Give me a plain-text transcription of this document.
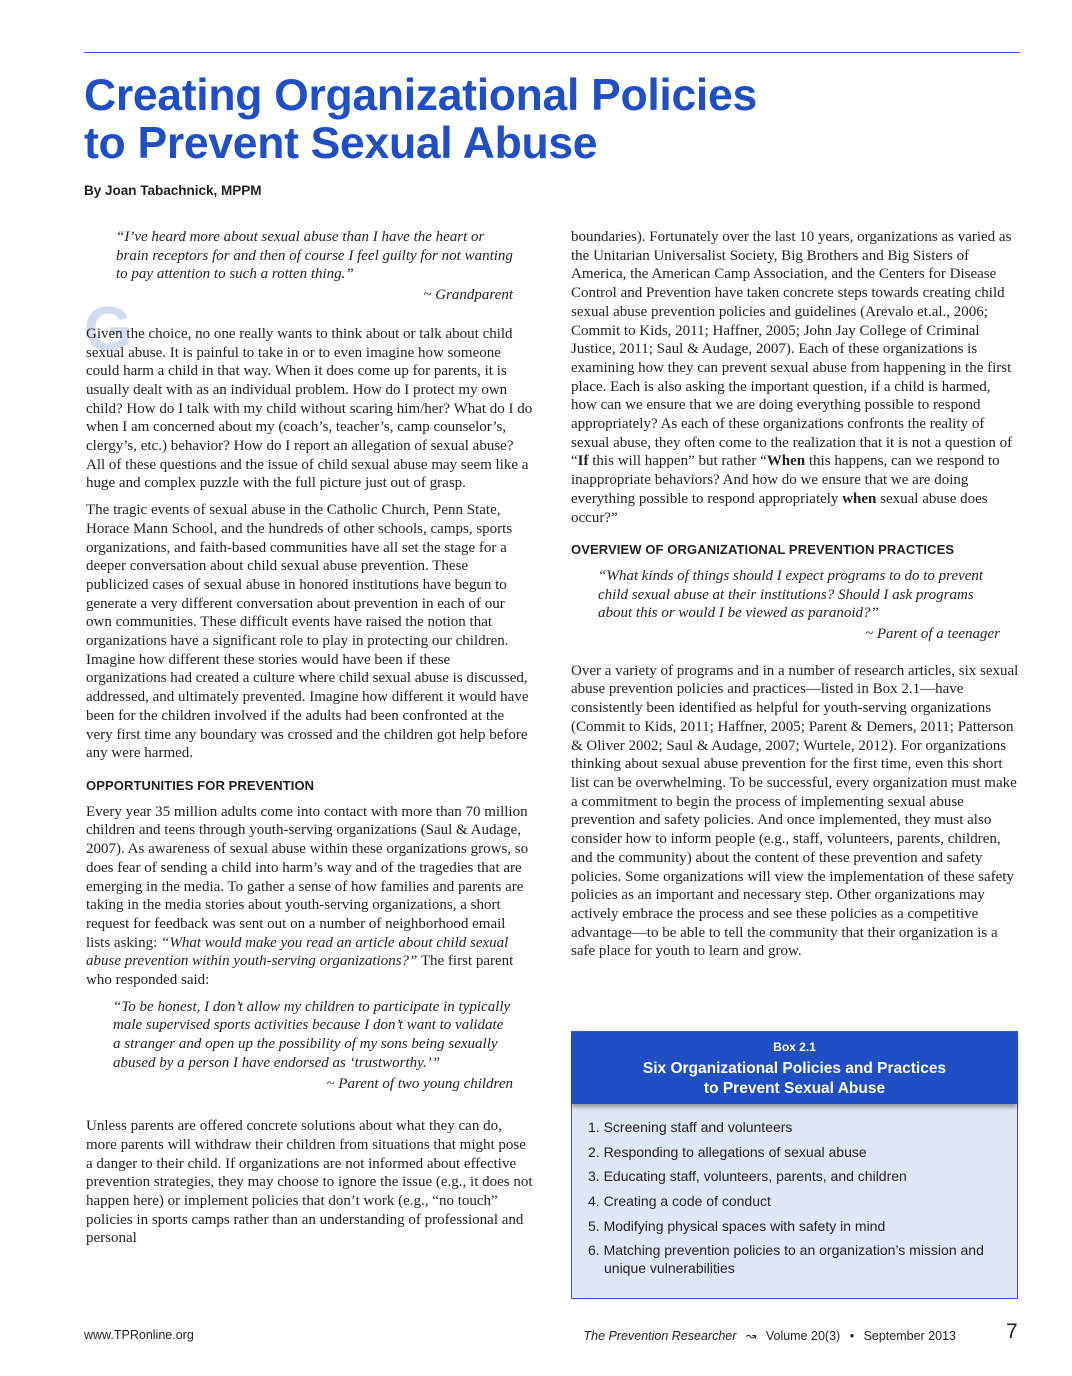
Creating Organizational Policies
to Prevent Sexual Abuse
By Joan Tabachnick, MPPM

“I’ve heard more about sexual abuse than I have the heart or brain receptors for and then of course I feel guilty for not wanting to pay attention to such a rotten thing.”

~ Grandparent

G

Given the choice, no one really wants to think about or talk about child sexual abuse. It is painful to take in or to even imagine how someone could harm a child in that way. When it does come up for parents, it is usually dealt with as an individual problem. How do I protect my own child? How do I talk with my child without scaring him/her? What do I do when I am concerned about my (coach’s, teacher’s, camp counselor’s, clergy’s, etc.) behavior? How do I report an allegation of sexual abuse? All of these questions and the issue of child sexual abuse may seem like a huge and complex puzzle with the full picture just out of grasp.

The tragic events of sexual abuse in the Catholic Church, Penn State, Horace Mann School, and the hundreds of other schools, camps, sports organizations, and faith-based communities have all set the stage for a deeper conversation about child sexual abuse prevention. These publicized cases of sexual abuse in honored institutions have begun to generate a very different conversation about prevention in each of our own communities. These difficult events have raised the notion that organizations have a significant role to play in protecting our children. Imagine how different these stories would have been if these organizations had created a culture where child sexual abuse is discussed, addressed, and ultimately prevented. Imagine how different it would have been for the children involved if the adults had been confronted at the very first time any boundary was crossed and the children got help before any were harmed.

OPPORTUNITIES FOR PREVENTION

Every year 35 million adults come into contact with more than 70 million children and teens through youth-serving organizations (Saul & Audage, 2007). As awareness of sexual abuse within these organizations grows, so does fear of sending a child into harm’s way and of the tragedies that are emerging in the media. To gather a sense of how families and parents are taking in the media stories about youth-serving organizations, a short request for feedback was sent out on a number of neighborhood email lists asking: “What would make you read an article about child sexual abuse prevention within youth-serving organizations?” The first parent who responded said:

“To be honest, I don’t allow my children to participate in typically male supervised sports activities because I don’t want to validate a stranger and open up the possibility of my sons being sexually abused by a person I have endorsed as ‘trustworthy.’”

~ Parent of two young children

Unless parents are offered concrete solutions about what they can do, more parents will withdraw their children from situations that might pose a danger to their child. If organizations are not informed about effective prevention strategies, they may choose to ignore the issue (e.g., it does not happen here) or implement policies that don’t work (e.g., “no touch” policies in sports camps rather than an understanding of professional and personal

boundaries). Fortunately over the last 10 years, organizations as varied as the Unitarian Universalist Society, Big Brothers and Big Sisters of America, the American Camp Association, and the Centers for Disease Control and Prevention have taken concrete steps towards creating child sexual abuse prevention policies and guidelines (Arevalo et.al., 2006; Commit to Kids, 2011; Haffner, 2005; John Jay College of Criminal Justice, 2011; Saul & Audage, 2007). Each of these organizations is examining how they can prevent sexual abuse from happening in the first place. Each is also asking the important question, if a child is harmed, how can we ensure that we are doing everything possible to respond appropriately? As each of these organizations confronts the reality of sexual abuse, they often come to the realization that it is not a question of “If this will happen” but rather “When this happens, can we respond to inappropriate behaviors? And how do we ensure that we are doing everything possible to respond appropriately when sexual abuse does occur?”

OVERVIEW OF ORGANIZATIONAL PREVENTION PRACTICES

“What kinds of things should I expect programs to do to prevent child sexual abuse at their institutions? Should I ask programs about this or would I be viewed as paranoid?”

~ Parent of a teenager

Over a variety of programs and in a number of research articles, six sexual abuse prevention policies and practices—listed in Box 2.1—have consistently been identified as helpful for youth-serving organizations (Commit to Kids, 2011; Haffner, 2005; Parent & Demers, 2011; Patterson & Oliver 2002; Saul & Audage, 2007; Wurtele, 2012). For organizations thinking about sexual abuse prevention for the first time, even this short list can be overwhelming. To be successful, every organization must make a commitment to begin the process of implementing sexual abuse prevention and safety policies. And once implemented, they must also consider how to inform people (e.g., staff, volunteers, parents, children, and the community) about the content of these prevention and safety policies. Some organizations will view the implementation of these safety policies as an important and necessary step. Other organizations may actively embrace the process and see these policies as a competitive advantage—to be able to tell the community that their organization is a safe place for youth to learn and grow.

Box 2.1
Six Organizational Policies and Practices
to Prevent Sexual Abuse
1. Screening staff and volunteers
2. Responding to allegations of sexual abuse
3. Educating staff, volunteers, parents, and children
4. Creating a code of conduct
5. Modifying physical spaces with safety in mind
6. Matching prevention policies to an organization’s mission and unique vulnerabilities
www.TPRonline.org	The Prevention Researcher ↝ Volume 20(3) • September 2013 7
